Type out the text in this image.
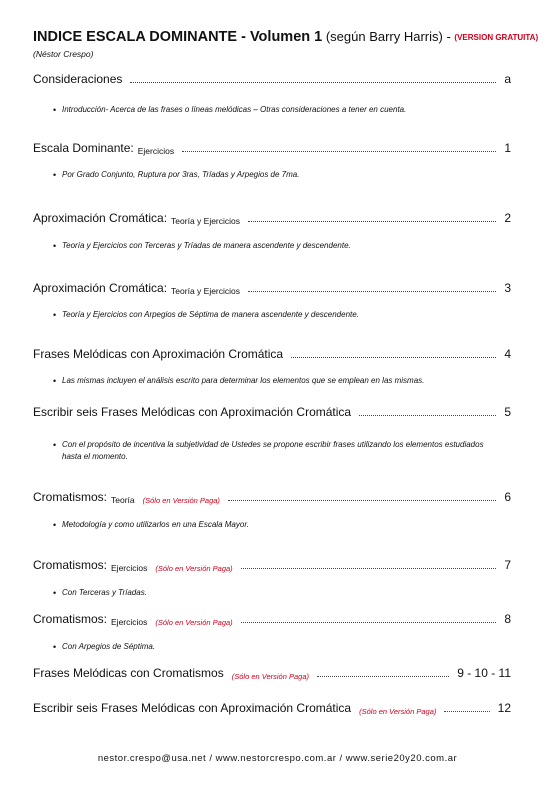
INDICE ESCALA DOMINANTE - Volumen 1 (según Barry Harris) - (VERSION GRATUITA)
(Néstor Crespo)
Consideraciones	a
• Introducción- Acerca de las frases o líneas melódicas – Otras consideraciones a tener en cuenta.
Escala Dominante: Ejercicios	1
• Por Grado Conjunto, Ruptura por 3ras, Tríadas y Arpegios de 7ma.
Aproximación Cromática: Teoría y Ejercicios	2
• Teoría y Ejercicios con Terceras y Tríadas de manera ascendente y descendente.
Aproximación Cromática: Teoría y Ejercicios	3
• Teoría y Ejercicios con Arpegios de Séptima de manera ascendente y descendente.
Frases Melódicas con Aproximación Cromática	4
• Las mismas incluyen el análisis escrito para determinar los elementos que se emplean en las mismas.
Escribir seis Frases Melódicas con Aproximación Cromática	5
• Con el propósito de incentiva la subjetividad de Ustedes se propone escribir frases utilizando los elementos estudiados hasta el momento.
Cromatismos: Teoría (Sólo en Versión Paga)	6
• Metodología y como utilizarlos en una Escala Mayor.
Cromatismos: Ejercicios (Sólo en Versión Paga)	7
• Con Terceras y Tríadas.
Cromatismos: Ejercicios (Sólo en Versión Paga)	8
• Con Arpegios de Séptima.
Frases Melódicas con Cromatismos (Sólo en Versión Paga)	9 - 10 - 11
Escribir seis Frases Melódicas con Aproximación Cromática (Sólo en Versión Paga)	12
nestor.crespo@usa.net / www.nestorcrespo.com.ar / www.serie20y20.com.ar
